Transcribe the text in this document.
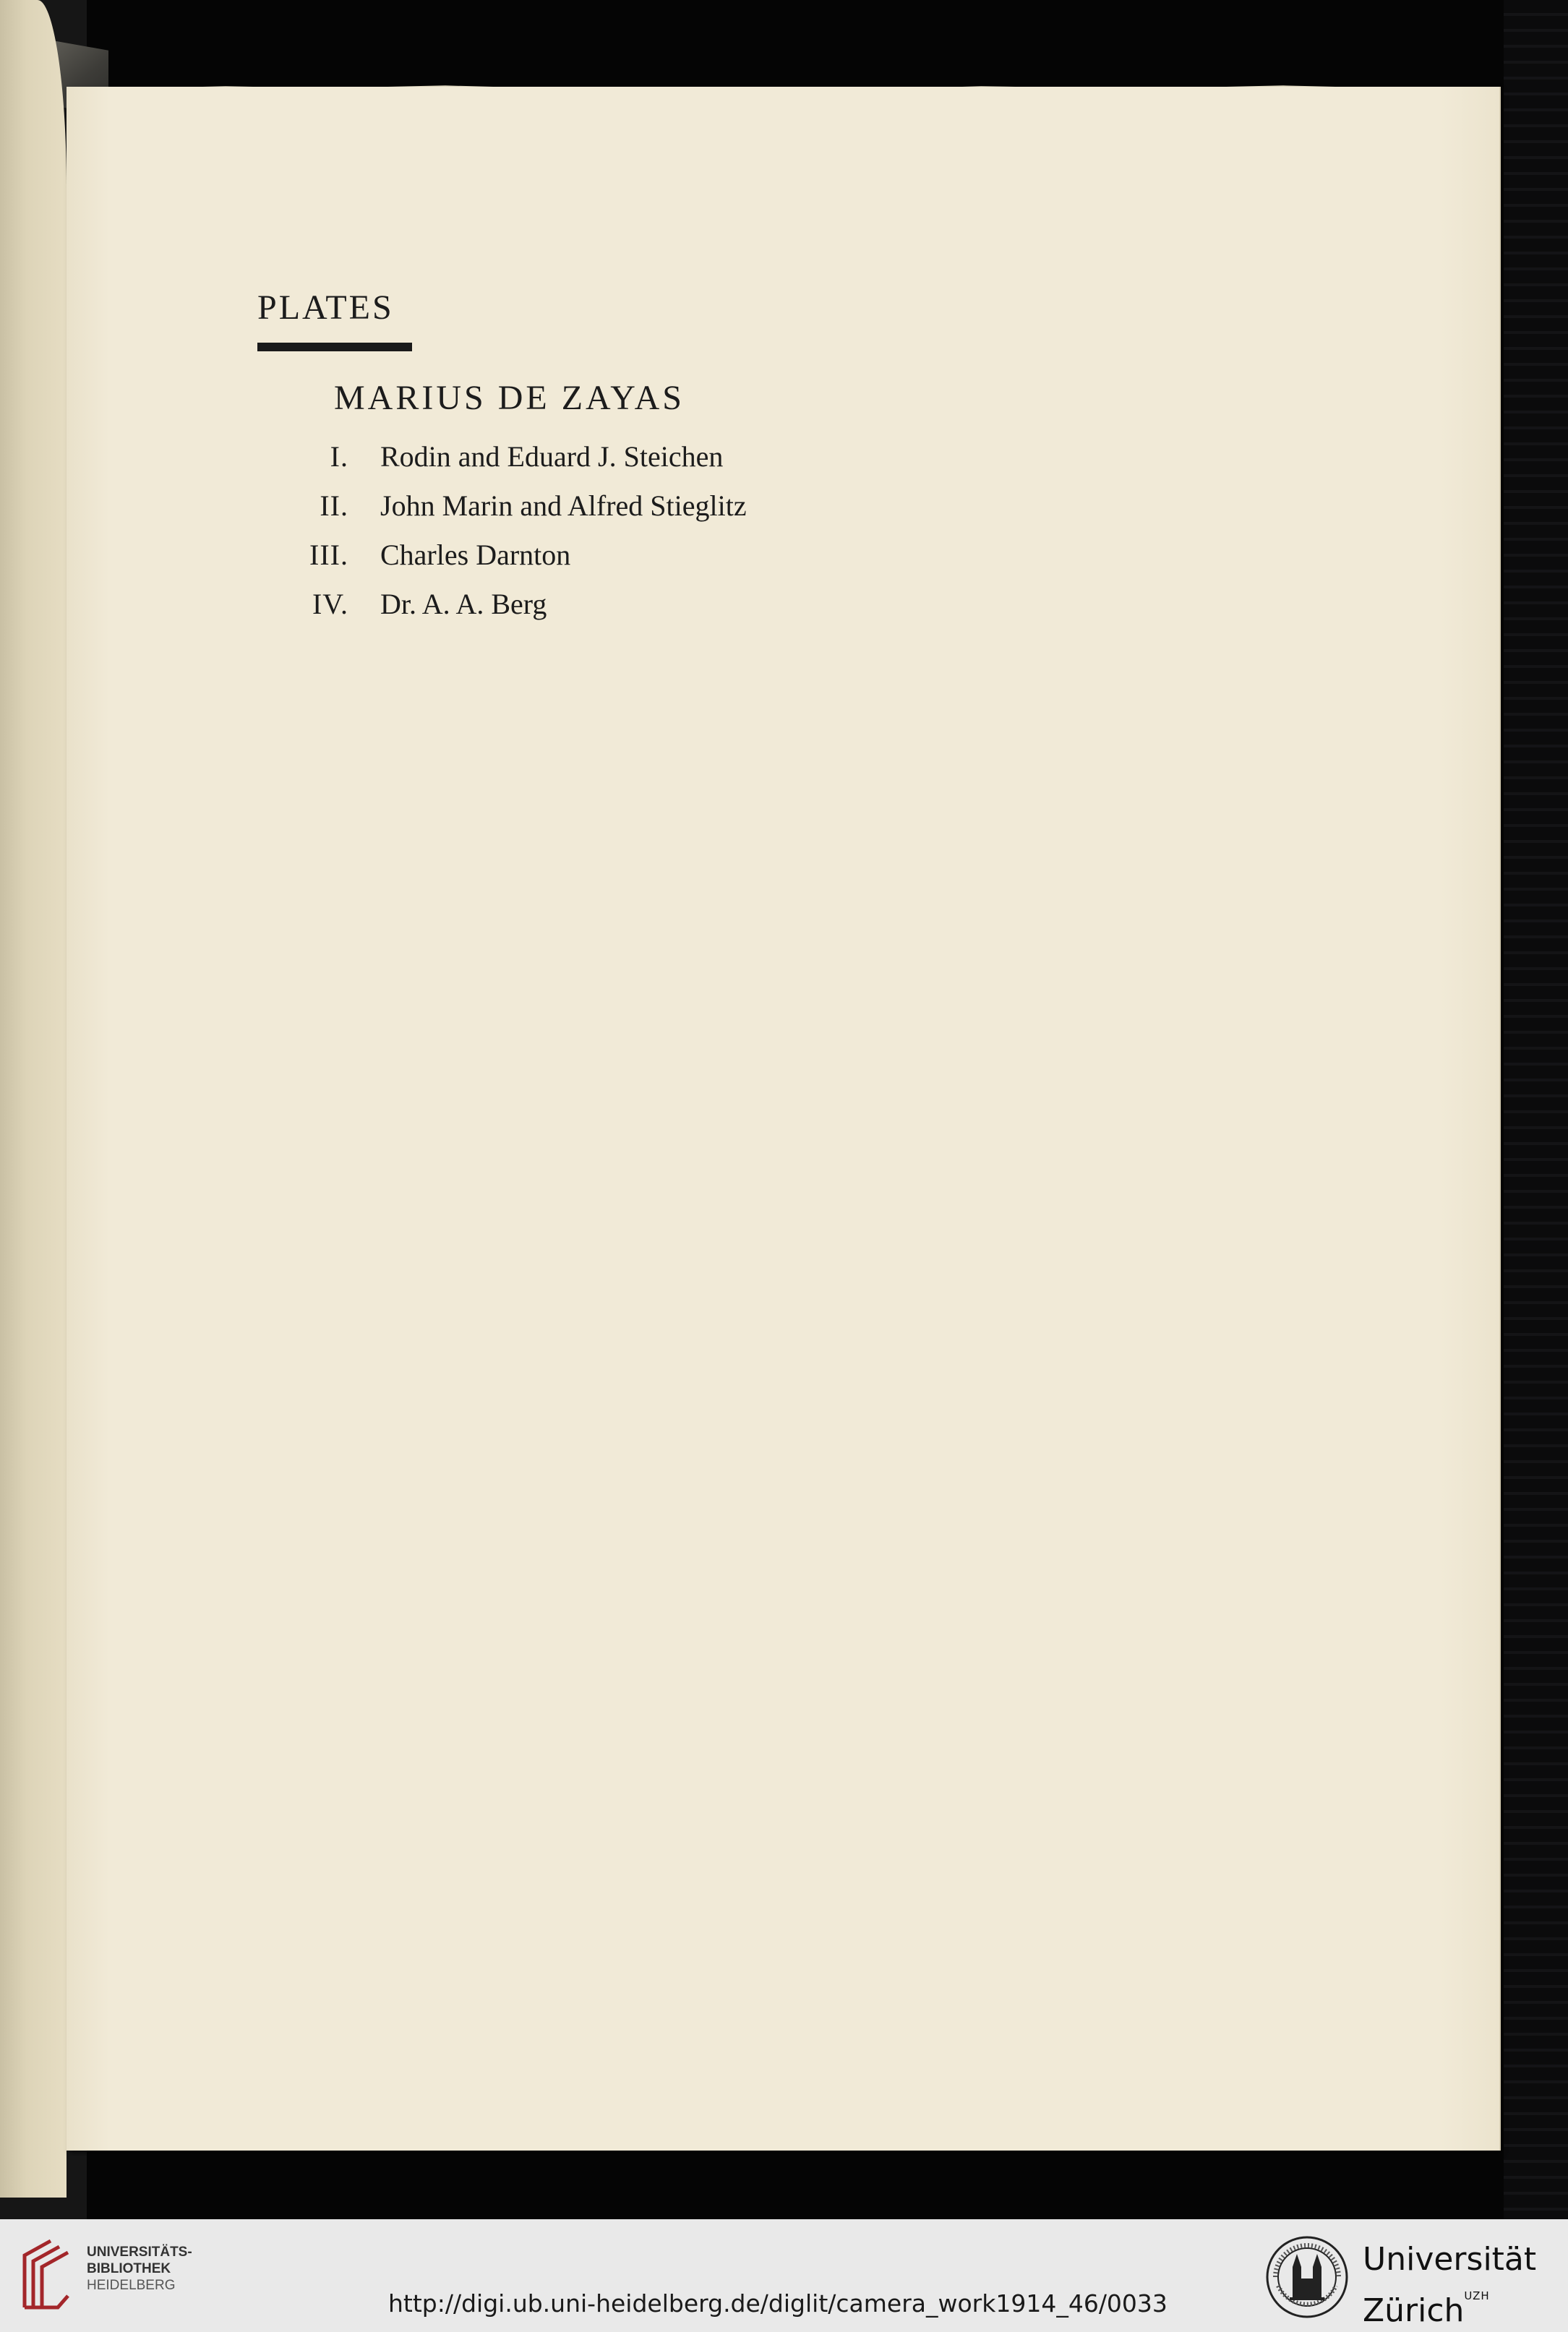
PLATES
MARIUS DE ZAYAS
I. Rodin and Eduard J. Steichen
II. John Marin and Alfred Stieglitz
III. Charles Darnton
IV. Dr. A. A. Berg
UNIVERSITÄTS-
BIBLIOTHEK
HEIDELBERG
http://digi.ub.uni-heidelberg.de/diglit/camera_work1914_46/0033
Universität
Zürich$^{UZH}$
